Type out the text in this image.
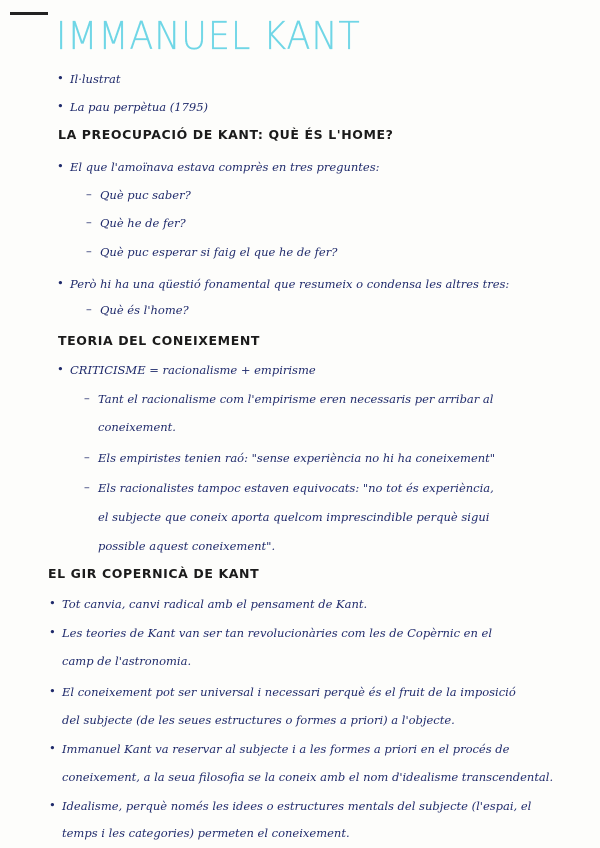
IMMANUEL KANT

• Il·lustrat

• La pau perpètua (1795)

LA PREOCUPACIÓ DE KANT: QUÈ ÉS L'HOME?

• El que l'amoïnava estava comprès en tres preguntes:

– Què puc saber?

– Què he de fer?

– Què puc esperar si faig el que he de fer?

• Però hi ha una qüestió fonamental que resumeix o condensa les altres tres:

– Què és l'home?

TEORIA DEL CONEIXEMENT

• CRITICISME = racionalisme + empirisme

– Tant el racionalisme com l'empirisme eren necessaris per arribar al

coneixement.

– Els empiristes tenien raó: "sense experiència no hi ha coneixement"

– Els racionalistes tampoc estaven equivocats: "no tot és experiència,

el subjecte que coneix aporta quelcom imprescindible perquè sigui

possible aquest coneixement".

EL GIR COPERNICÀ DE KANT

• Tot canvia, canvi radical amb el pensament de Kant.

• Les teories de Kant van ser tan revolucionàries com les de Copèrnic en el

camp de l'astronomia.

• El coneixement pot ser universal i necessari perquè és el fruit de la imposició

del subjecte (de les seues estructures o formes a priori) a l'objecte.

• Immanuel Kant va reservar al subjecte i a les formes a priori en el procés de

coneixement, a la seua filosofia se la coneix amb el nom d'idealisme transcendental.

• Idealisme, perquè només les idees o estructures mentals del subjecte (l'espai, el

temps i les categories) permeten el coneixement.
